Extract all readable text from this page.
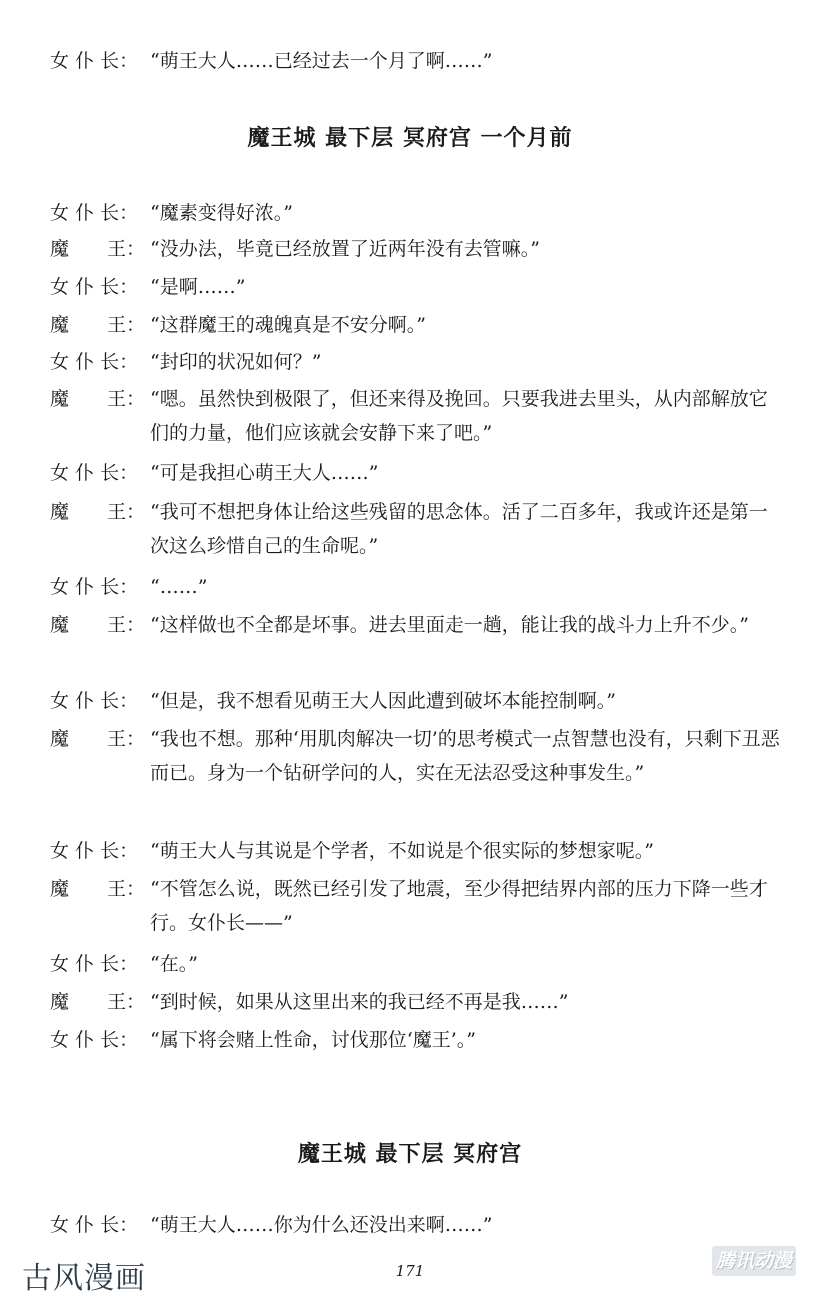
女 仆 长： “萌王大人……已经过去一个月了啊……”
魔王城 最下层 冥府宫 一个月前
女 仆 长： “魔素变得好浓。”
魔　　王： “没办法，毕竟已经放置了近两年没有去管嘛。”
女 仆 长： “是啊……”
魔　　王： “这群魔王的魂魄真是不安分啊。”
女 仆 长： “封印的状况如何？”
魔　　王： “嗯。虽然快到极限了，但还来得及挽回。只要我进去里头，从内部解放它们的力量，他们应该就会安静下来了吧。”
女 仆 长： “可是我担心萌王大人……”
魔　　王： “我可不想把身体让给这些残留的思念体。活了二百多年，我或许还是第一次这么珍惜自己的生命呢。”
女 仆 长： “……”
魔　　王： “这样做也不全都是坏事。进去里面走一趟，能让我的战斗力上升不少。”
女 仆 长： “但是，我不想看见萌王大人因此遭到破坏本能控制啊。”
魔　　王： “我也不想。那种‘用肌肉解决一切’的思考模式一点智慧也没有，只剩下丑恶而已。身为一个钻研学问的人，实在无法忍受这种事发生。”
女 仆 长： “萌王大人与其说是个学者，不如说是个很实际的梦想家呢。”
魔　　王： “不管怎么说，既然已经引发了地震，至少得把结界内部的压力下降一些才行。女仆长——”
女 仆 长： “在。”
魔　　王： “到时候，如果从这里出来的我已经不再是我……”
女 仆 长： “属下将会赌上性命，讨伐那位‘魔王’。”
魔王城 最下层 冥府宫
女 仆 长： “萌王大人……你为什么还没出来啊……”
古风漫画	171	腾讯动漫
